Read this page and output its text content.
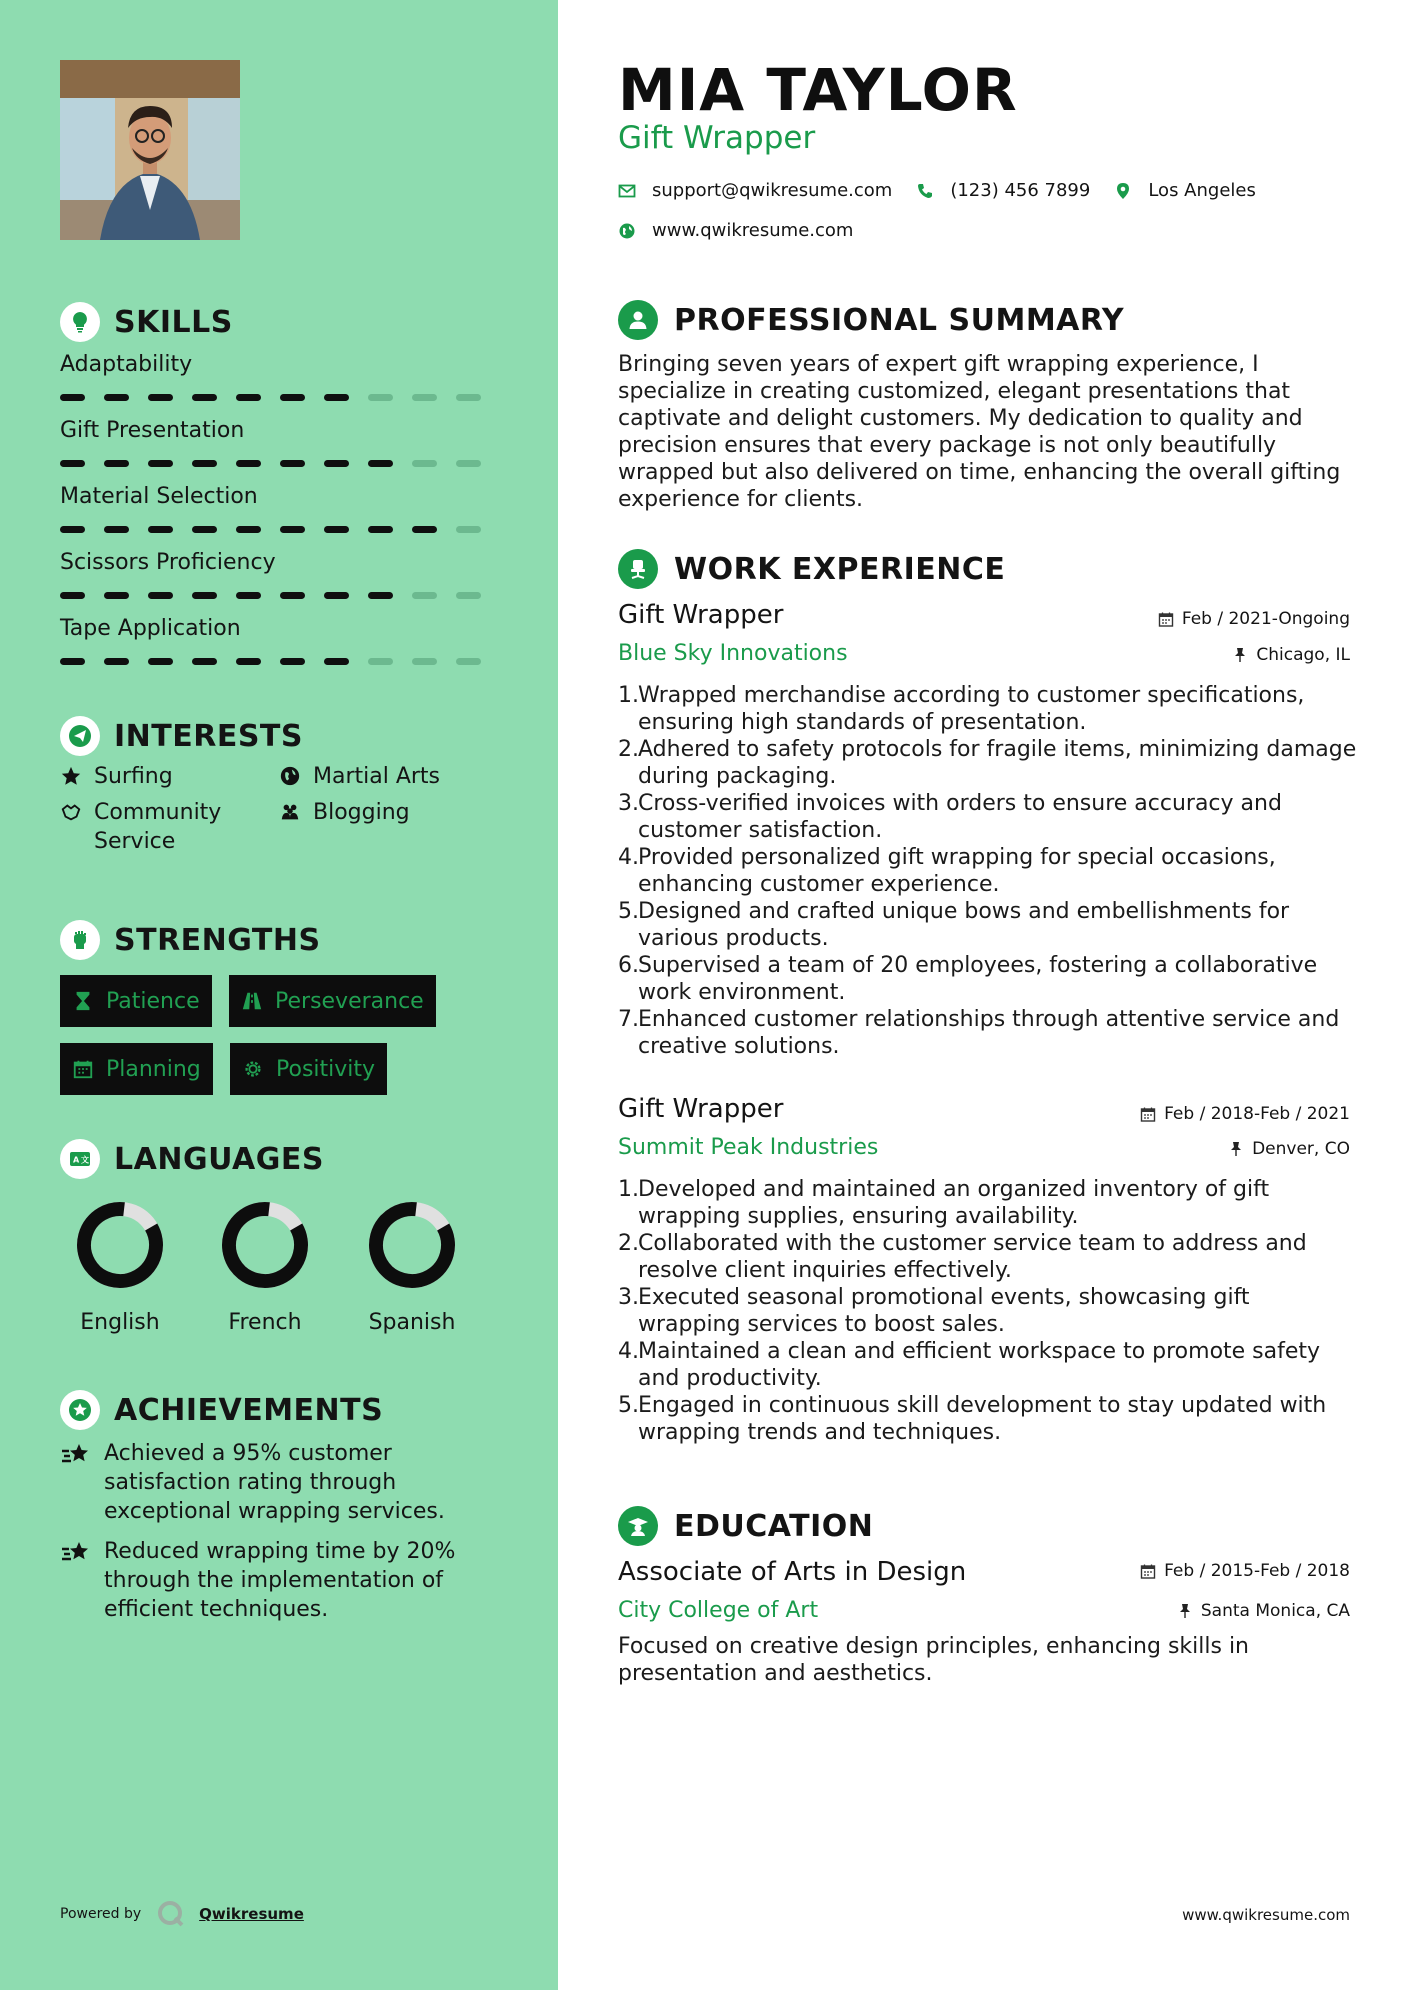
SKILLS
Adaptability
Gift Presentation
Material Selection
Scissors Proficiency
Tape Application
INTERESTS
Surfing	Martial Arts
Community Service
Blogging
STRENGTHS
Patience	Perseverance
Planning	Positivity
A 文 LANGUAGES
English	French	Spanish
ACHIEVEMENTS
Achieved a 95% customer satisfaction rating through exceptional wrapping services.
Reduced wrapping time by 20% through the implementation of efficient techniques.
Powered by	Qwikresume
MIA TAYLOR
Gift Wrapper
support@qwikresume.com	(123) 456 7899	Los Angeles
www.qwikresume.com
PROFESSIONAL SUMMARY
Bringing seven years of expert gift wrapping experience, I specialize in creating customized, elegant presentations that captivate and delight customers. My dedication to quality and precision ensures that every package is not only beautifully wrapped but also delivered on time, enhancing the overall gifting experience for clients.
WORK EXPERIENCE
Gift Wrapper
Blue Sky Innovations
Feb / 2021-Ongoing
Chicago, IL
1. Wrapped merchandise according to customer specifications, ensuring high standards of presentation.
2. Adhered to safety protocols for fragile items, minimizing damage during packaging.
3. Cross-verified invoices with orders to ensure accuracy and customer satisfaction.
4. Provided personalized gift wrapping for special occasions, enhancing customer experience.
5. Designed and crafted unique bows and embellishments for various products.
6. Supervised a team of 20 employees, fostering a collaborative work environment.
7. Enhanced customer relationships through attentive service and creative solutions.
Gift Wrapper
Summit Peak Industries
Feb / 2018-Feb / 2021
Denver, CO
1. Developed and maintained an organized inventory of gift wrapping supplies, ensuring availability.
2. Collaborated with the customer service team to address and resolve client inquiries effectively.
3. Executed seasonal promotional events, showcasing gift wrapping services to boost sales.
4. Maintained a clean and efficient workspace to promote safety and productivity.
5. Engaged in continuous skill development to stay updated with wrapping trends and techniques.
EDUCATION
Associate of Arts in Design
City College of Art
Feb / 2015-Feb / 2018
Santa Monica, CA
Focused on creative design principles, enhancing skills in presentation and aesthetics.
www.qwikresume.com
